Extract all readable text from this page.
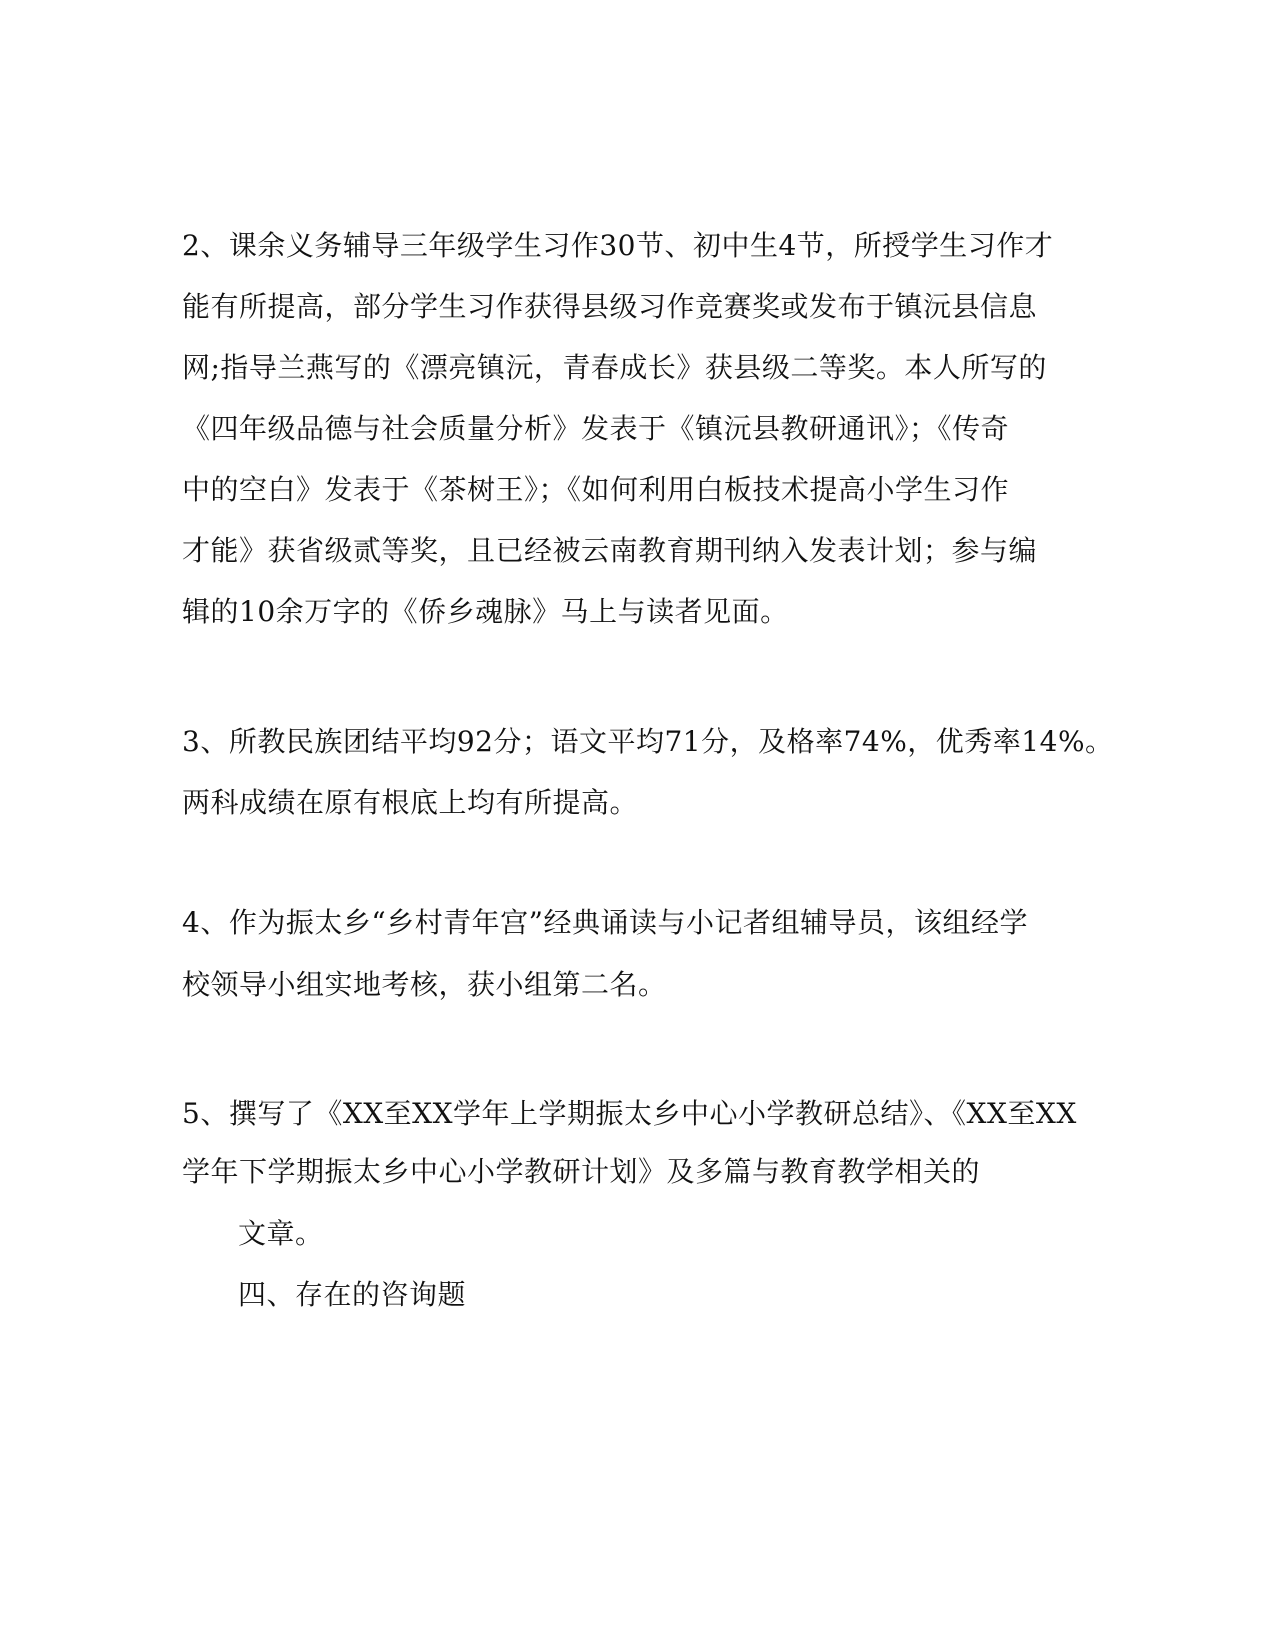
2、课余义务辅导三年级学生习作30节、初中生4节，所授学生习作才
能有所提高，部分学生习作获得县级习作竞赛奖或发布于镇沅县信息
网;指导兰燕写的《漂亮镇沅，青春成长》获县级二等奖。本人所写的
《四年级品德与社会质量分析》发表于《镇沅县教研通讯》；《传奇
中的空白》发表于《茶树王》；《如何利用白板技术提高小学生习作
才能》获省级贰等奖，且已经被云南教育期刊纳入发表计划；参与编
辑的10余万字的《侨乡魂脉》马上与读者见面。
3、所教民族团结平均92分；语文平均71分，及格率74%，优秀率14%。
两科成绩在原有根底上均有所提高。
4、作为振太乡“乡村青年宫”经典诵读与小记者组辅导员，该组经学
校领导小组实地考核，获小组第二名。
5、撰写了《XX至XX学年上学期振太乡中心小学教研总结》、《XX至XX
学年下学期振太乡中心小学教研计划》及多篇与教育教学相关的
文章。
四、存在的咨询题
